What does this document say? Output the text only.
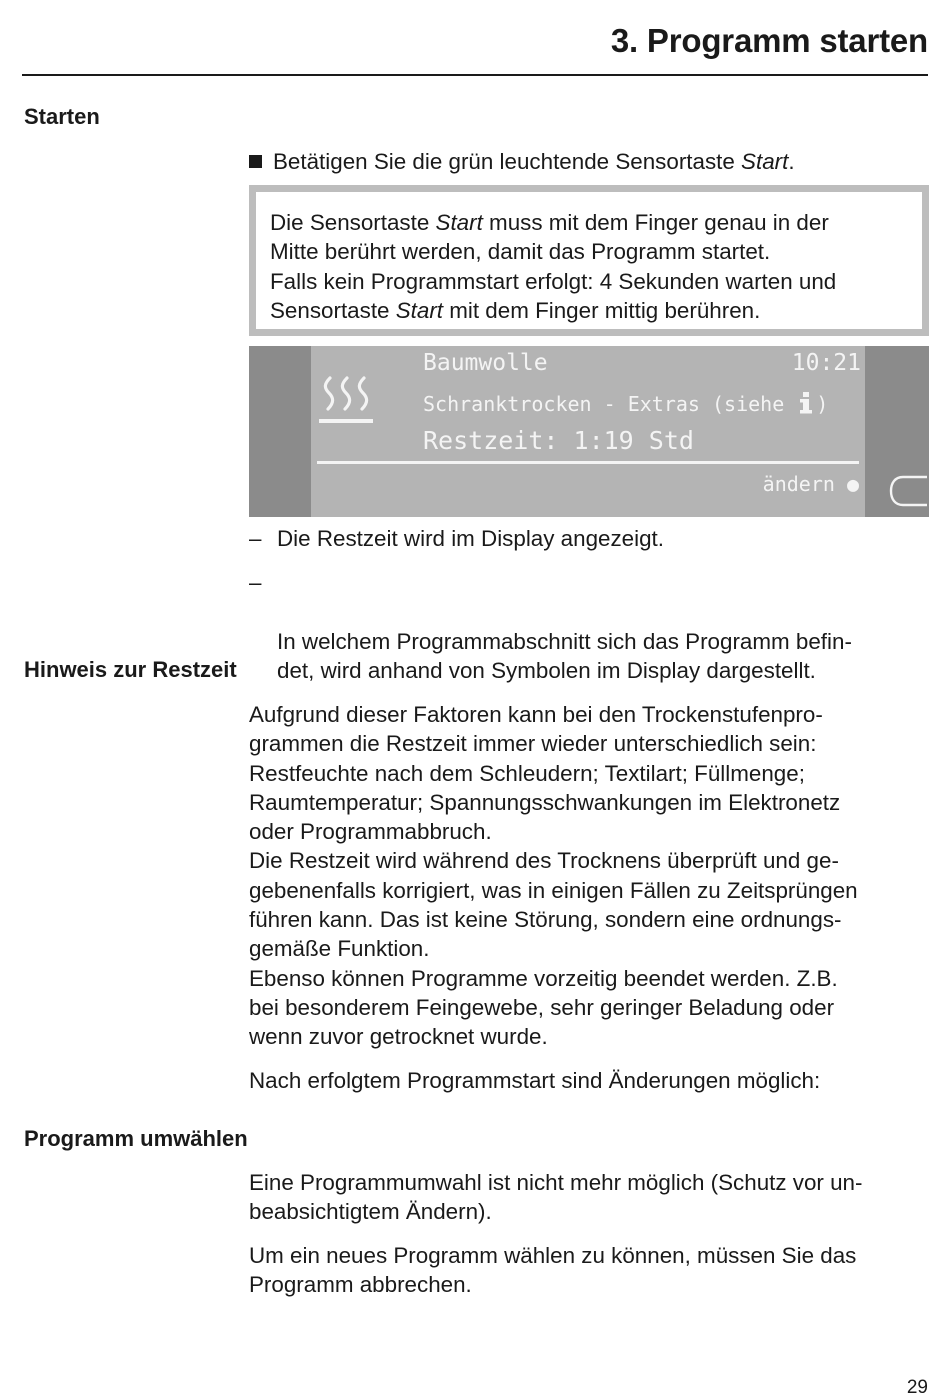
3. Programm starten
Starten
Betätigen Sie die grün leuchtende Sensortaste Start.

Die Sensortaste Start muss mit dem Finger genau in der

Mitte berührt werden, damit das Programm startet.

Falls kein Programmstart erfolgt: 4 Sekunden warten und

Sensortaste Start mit dem Finger mittig berühren.

Baumwolle	10:21
Schranktrocken - Extras (siehe )
Restzeit: 1:19 Std
ändern ●
– Die Restzeit wird im Display angezeigt.

–

In welchem Programmabschnitt sich das Programm befin-
det, wird anhand von Symbolen im Display dargestellt.

Hinweis zur Restzeit

Aufgrund dieser Faktoren kann bei den Trockenstufenpro-
grammen die Restzeit immer wieder unterschiedlich sein:
Restfeuchte nach dem Schleudern; Textilart; Füllmenge;
Raumtemperatur; Spannungsschwankungen im Elektronetz
oder Programmabbruch.
Die Restzeit wird während des Trocknens überprüft und ge-
gebenenfalls korrigiert, was in einigen Fällen zu Zeitsprüngen
führen kann. Das ist keine Störung, sondern eine ordnungs-
gemäße Funktion.
Ebenso können Programme vorzeitig beendet werden. Z.B.
bei besonderem Feingewebe, sehr geringer Beladung oder
wenn zuvor getrocknet wurde.

Nach erfolgtem Programmstart sind Änderungen möglich:

Programm umwählen

Eine Programmumwahl ist nicht mehr möglich (Schutz vor un-
beabsichtigtem Ändern).

Um ein neues Programm wählen zu können, müssen Sie das
Programm abbrechen.

29
